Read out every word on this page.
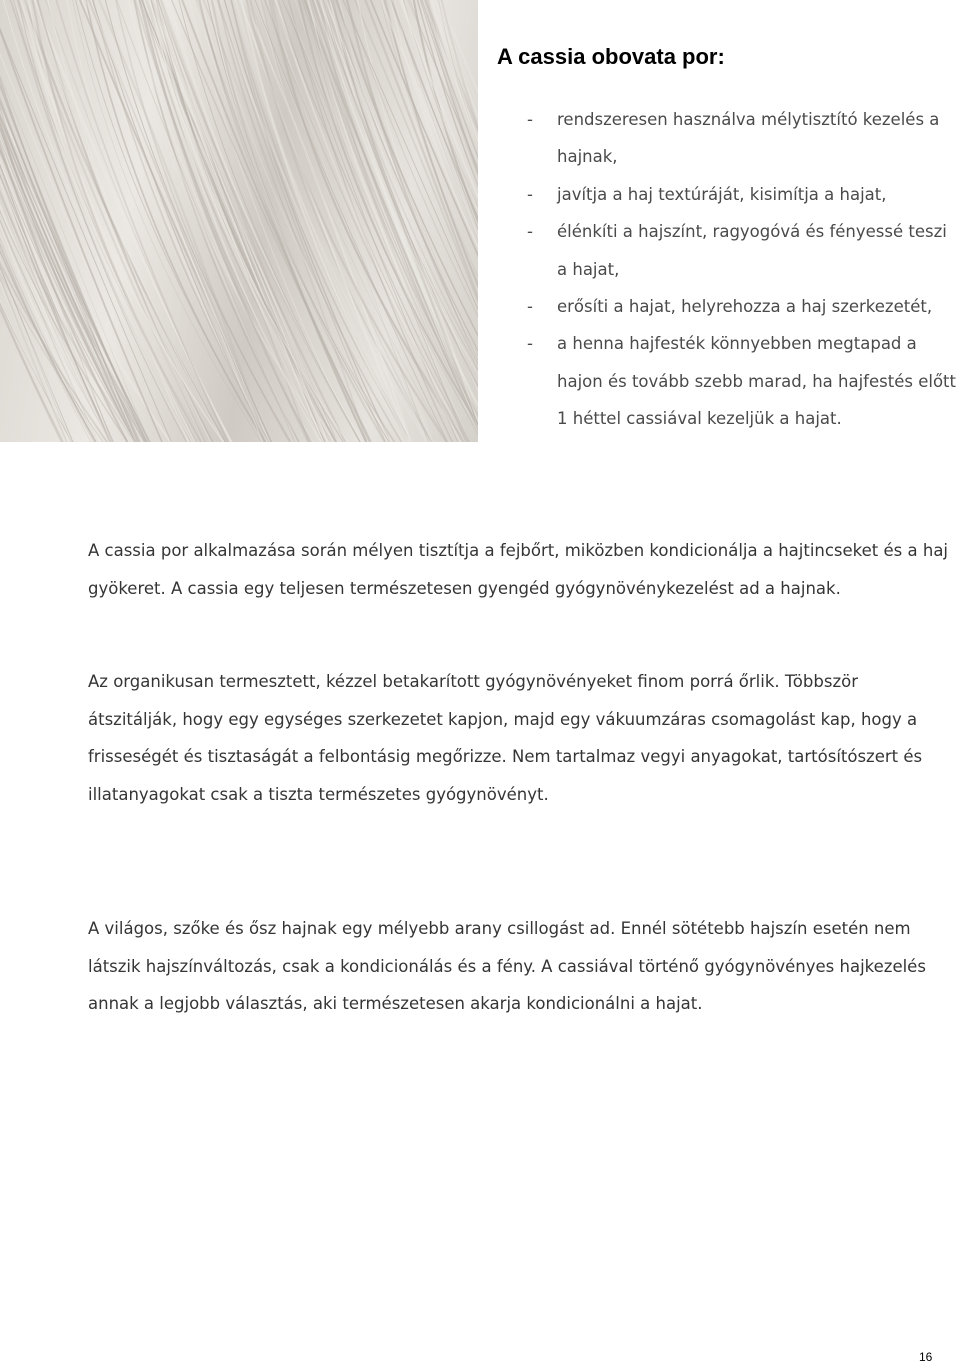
A cassia obovata por:
- rendszeresen használva mélytisztító kezelés a hajnak,
- javítja a haj textúráját, kisimítja a hajat,
- élénkíti a hajszínt, ragyogóvá és fényessé teszi a hajat,
- erősíti a hajat, helyrehozza a haj szerkezetét,
- a henna hajfesték könnyebben megtapad a hajon és tovább szebb marad, ha hajfestés előtt 1 héttel cassiával kezeljük a hajat.

A cassia por alkalmazása során mélyen tisztítja a fejbőrt, miközben kondicionálja a hajtincseket és a haj gyökeret. A cassia egy teljesen természetesen gyengéd gyógynövénykezelést ad a hajnak.

Az organikusan termesztett, kézzel betakarított gyógynövényeket finom porrá őrlik. Többször átszitálják, hogy egy egységes szerkezetet kapjon, majd egy vákuumzáras csomagolást kap, hogy a frisseségét és tisztaságát a felbontásig megőrizze. Nem tartalmaz vegyi anyagokat, tartósítószert és illatanyagokat csak a tiszta természetes gyógynövényt.

A világos, szőke és ősz hajnak egy mélyebb arany csillogást ad. Ennél sötétebb hajszín esetén nem látszik hajszínváltozás, csak a kondicionálás és a fény. A cassiával történő gyógynövényes hajkezelés annak a legjobb választás, aki természetesen akarja kondicionálni a hajat.

16
